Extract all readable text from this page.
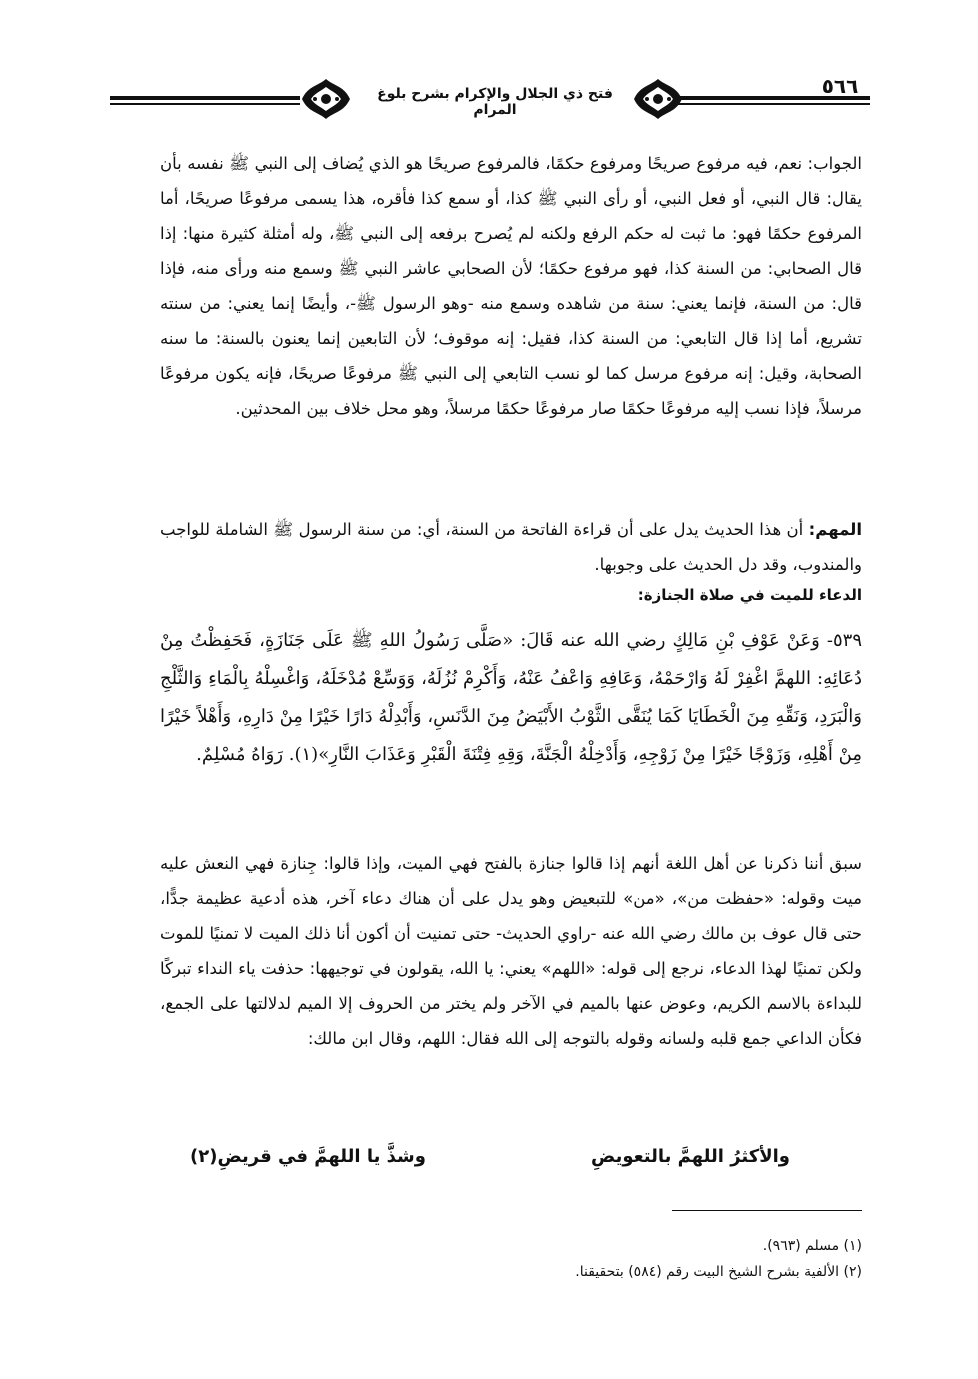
فتح ذي الجلال والإكرام بشرح بلوغ المرام
٥٦٦
الجواب: نعم، فيه مرفوع صريحًا ومرفوع حكمًا، فالمرفوع صريحًا هو الذي يُضاف إلى النبي ﷺ نفسه بأن يقال: قال النبي، أو فعل النبي، أو رأى النبي ﷺ كذا، أو سمع كذا فأقره، هذا يسمى مرفوعًا صريحًا، أما المرفوع حكمًا فهو: ما ثبت له حكم الرفع ولكنه لم يُصرح برفعه إلى النبي ﷺ، وله أمثلة كثيرة منها: إذا قال الصحابي: من السنة كذا، فهو مرفوع حكمًا؛ لأن الصحابي عاشر النبي ﷺ وسمع منه ورأى منه، فإذا قال: من السنة، فإنما يعني: سنة من شاهده وسمع منه -وهو الرسول ﷺ-، وأيضًا إنما يعني: من سنته تشريع، أما إذا قال التابعي: من السنة كذا، فقيل: إنه موقوف؛ لأن التابعين إنما يعنون بالسنة: ما سنه الصحابة، وقيل: إنه مرفوع مرسل كما لو نسب التابعي إلى النبي ﷺ مرفوعًا صريحًا، فإنه يكون مرفوعًا مرسلاً، فإذا نسب إليه مرفوعًا حكمًا صار مرفوعًا حكمًا مرسلاً، وهو محل خلاف بين المحدثين.
المهم: أن هذا الحديث يدل على أن قراءة الفاتحة من السنة، أي: من سنة الرسول ﷺ الشاملة للواجب والمندوب، وقد دل الحديث على وجوبها.
الدعاء للميت في صلاة الجنازة:
٥٣٩- وَعَنْ عَوْفِ بْنِ مَالِكٍ رضي الله عنه قَالَ: «صَلَّى رَسُولُ اللهِ ﷺ عَلَى جَنَازَةٍ، فَحَفِظْتُ مِنْ دُعَائِهِ: اللهمَّ اغْفِرْ لَهُ وَارْحَمْهُ، وَعَافِهِ وَاعْفُ عَنْهُ، وَأَكْرِمْ نُزُلَهُ، وَوَسِّعْ مُدْخَلَهُ، وَاغْسِلْهُ بِالْمَاءِ وَالثَّلْجِ وَالْبَرَدِ، وَنَقِّهِ مِنَ الْخَطَايَا كَمَا يُنَقَّى الثَّوْبُ الأَبْيَضُ مِنَ الدَّنَسِ، وَأَبْدِلْهُ دَارًا خَيْرًا مِنْ دَارِهِ، وَأَهْلاً خَيْرًا مِنْ أَهْلِهِ، وَزَوْجًا خَيْرًا مِنْ زَوْجِهِ، وَأَدْخِلْهُ الْجَنَّةَ، وَقِهِ فِتْنَةَ الْقَبْرِ وَعَذَابَ النَّارِ»(١). رَوَاهُ مُسْلِمٌ.
سبق أننا ذكرنا عن أهل اللغة أنهم إذا قالوا جنازة بالفتح فهي الميت، وإذا قالوا: جِنازة فهي النعش عليه ميت وقوله: «حفظت من»، «من» للتبعيض وهو يدل على أن هناك دعاء آخر، هذه أدعية عظيمة جدًّا، حتى قال عوف بن مالك رضي الله عنه -راوي الحديث- حتى تمنيت أن أكون أنا ذلك الميت لا تمنيًا للموت ولكن تمنيًا لهذا الدعاء، نرجع إلى قوله: «اللهم» يعني: يا الله، يقولون في توجيهها: حذفت ياء النداء تبركًا للبداءة بالاسم الكريم، وعوض عنها بالميم في الآخر ولم يختر من الحروف إلا الميم لدلالتها على الجمع، فكأن الداعي جمع قلبه ولسانه وقوله بالتوجه إلى الله فقال: اللهم، وقال ابن مالك:
والأكثرُ اللهمَّ بالتعويضِ
وشذَّ يا اللهمَّ في قريضِ(٢)
(١) مسلم (٩٦٣).
(٢) الألفية بشرح الشيخ البيت رقم (٥٨٤) بتحقيقنا.
